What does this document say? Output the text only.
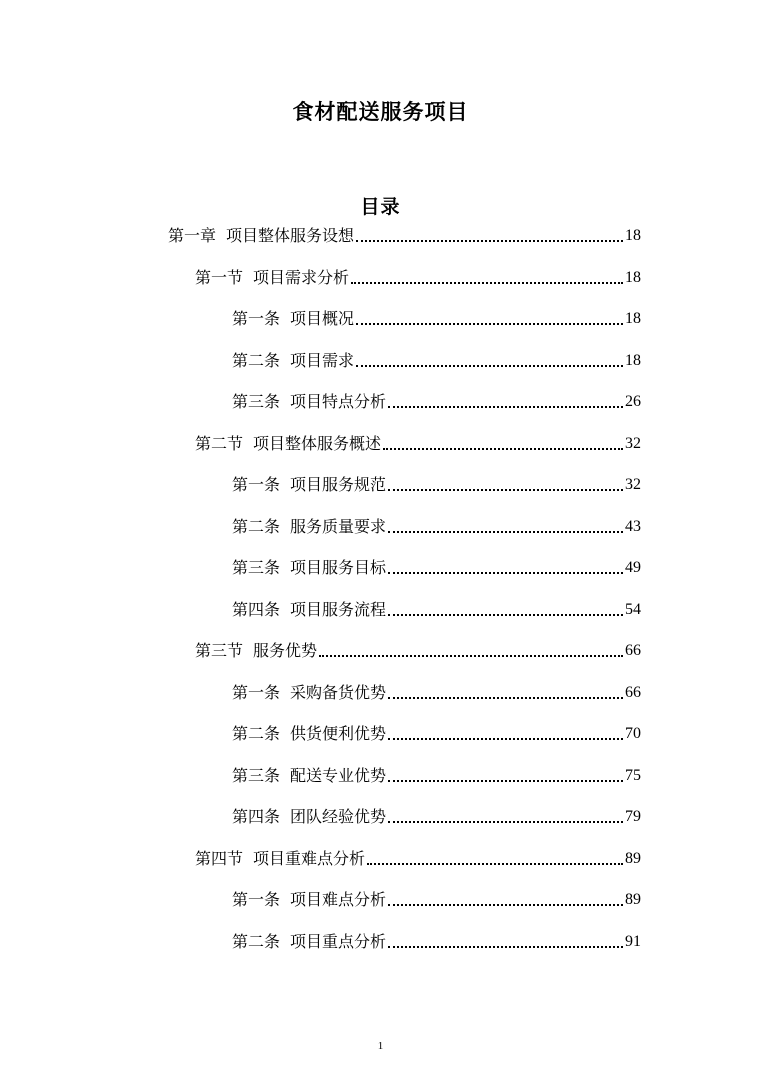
食材配送服务项目
目录
第一章 项目整体服务设想	18
第一节 项目需求分析	18
第一条 项目概况	18
第二条 项目需求	18
第三条 项目特点分析	26
第二节 项目整体服务概述	32
第一条 项目服务规范	32
第二条 服务质量要求	43
第三条 项目服务目标	49
第四条 项目服务流程	54
第三节 服务优势	66
第一条 采购备货优势	66
第二条 供货便利优势	70
第三条 配送专业优势	75
第四条 团队经验优势	79
第四节 项目重难点分析	89
第一条 项目难点分析	89
第二条 项目重点分析	91
1
